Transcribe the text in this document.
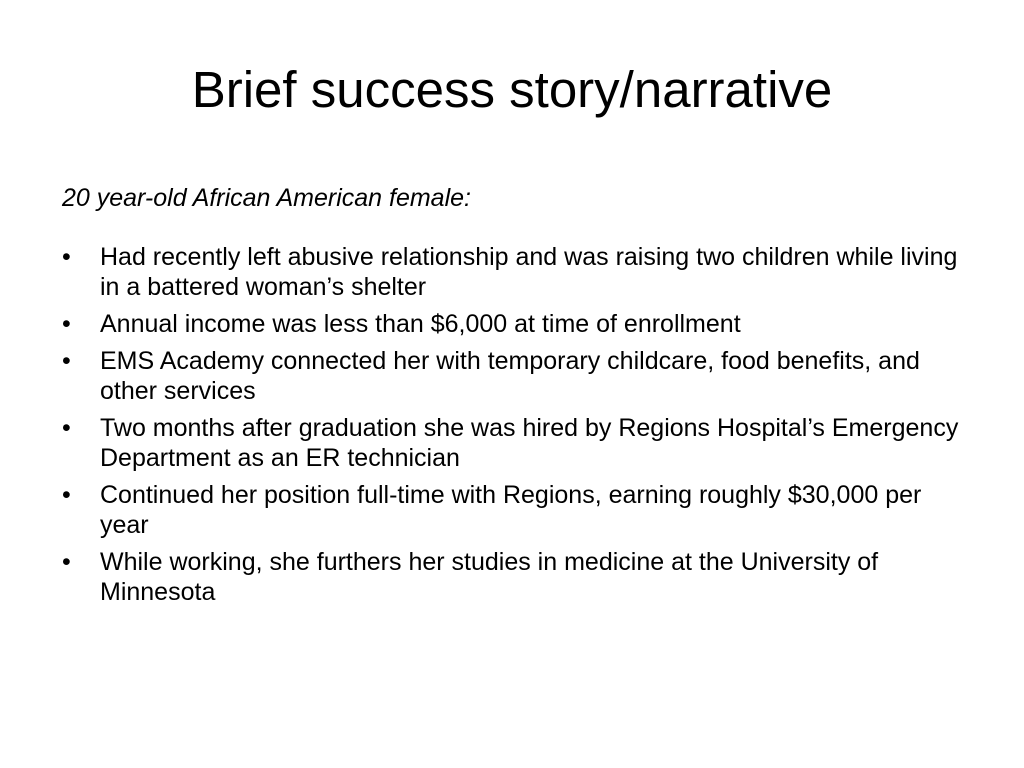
Brief success story/narrative

20 year-old African American female:

•	Had recently left abusive relationship and was raising two children while living in a battered woman’s shelter
•	Annual income was less than $6,000 at time of enrollment
•	EMS Academy connected her with temporary childcare, food benefits, and other services
•	Two months after graduation she was hired by Regions Hospital’s Emergency Department as an ER technician
•	Continued her position full-time with Regions, earning roughly $30,000 per year
•	While working, she furthers her studies in medicine at the University of Minnesota
